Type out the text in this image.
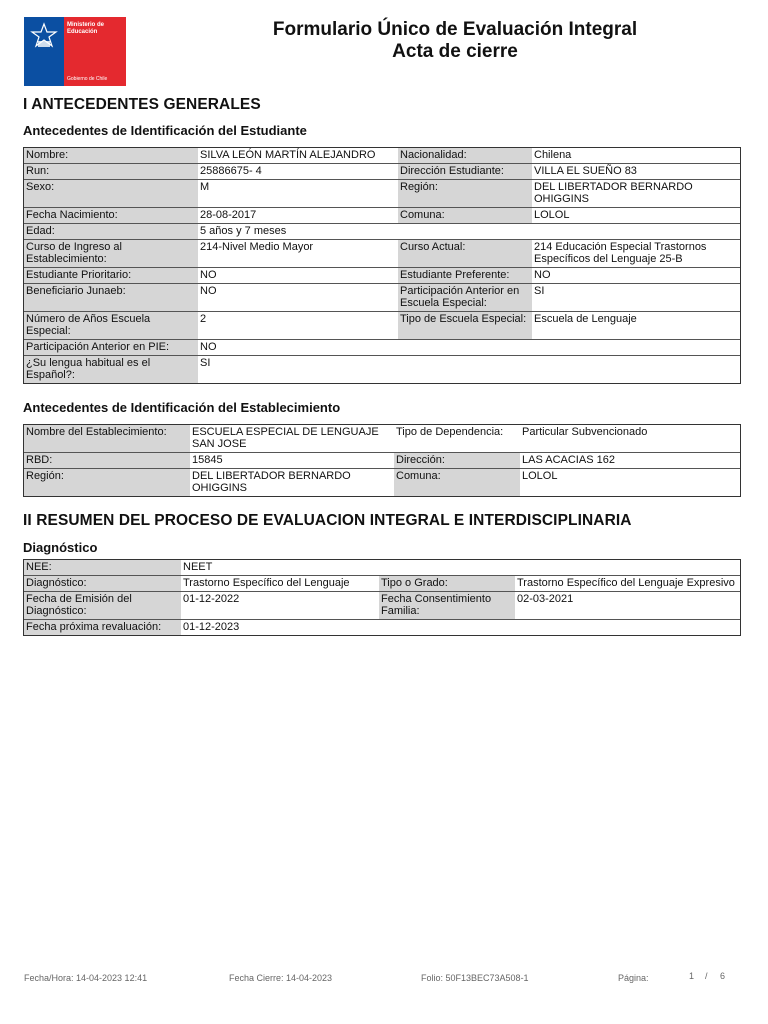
Ministerio de
Educación
Gobierno de Chile
Formulario Único de Evaluación Integral
Acta de cierre
I ANTECEDENTES GENERALES
Antecedentes de Identificación del Estudiante
Nombre:	SILVA LEÓN MARTÍN ALEJANDRO	Nacionalidad:	Chilena

Run:	25886675- 4	Dirección Estudiante:	VILLA EL SUEÑO 83

Sexo:	M	Región:	DEL LIBERTADOR BERNARDO OHIGGINS

Fecha Nacimiento:	28-08-2017	Comuna:	LOLOL

Edad:	5 años y 7 meses		

Curso de Ingreso al Establecimiento:	214-Nivel Medio Mayor	Curso Actual:	214 Educación Especial Trastornos Específicos del Lenguaje 25-B

Estudiante Prioritario:	NO	Estudiante Preferente:	NO

Beneficiario Junaeb:	NO	Participación Anterior en Escuela Especial:	SI

Número de Años Escuela Especial:	2	Tipo de Escuela Especial:	Escuela de Lenguaje

Participación Anterior en PIE:	NO		

¿Su lengua habitual es el Español?:	SI		
Antecedentes de Identificación del Establecimiento
Nombre del Establecimiento:	ESCUELA ESPECIAL DE LENGUAJE SAN JOSE	Tipo de Dependencia:	Particular Subvencionado

RBD:	15845	Dirección:	LAS ACACIAS 162

Región:	DEL LIBERTADOR BERNARDO OHIGGINS	Comuna:	LOLOL
II RESUMEN DEL PROCESO DE EVALUACION INTEGRAL E INTERDISCIPLINARIA
Diagnóstico
NEE:	NEET		

Diagnóstico:	Trastorno Específico del Lenguaje	Tipo o Grado:	Trastorno Específico del Lenguaje Expresivo

Fecha de Emisión del Diagnóstico:	01-12-2022	Fecha Consentimiento Familia:	02-03-2021

Fecha próxima revaluación:	01-12-2023		
Fecha/Hora: 14-04-2023 12:41	Fecha Cierre: 14-04-2023	Folio: 50F13BEC73A508-1	Página:	1 / 6
